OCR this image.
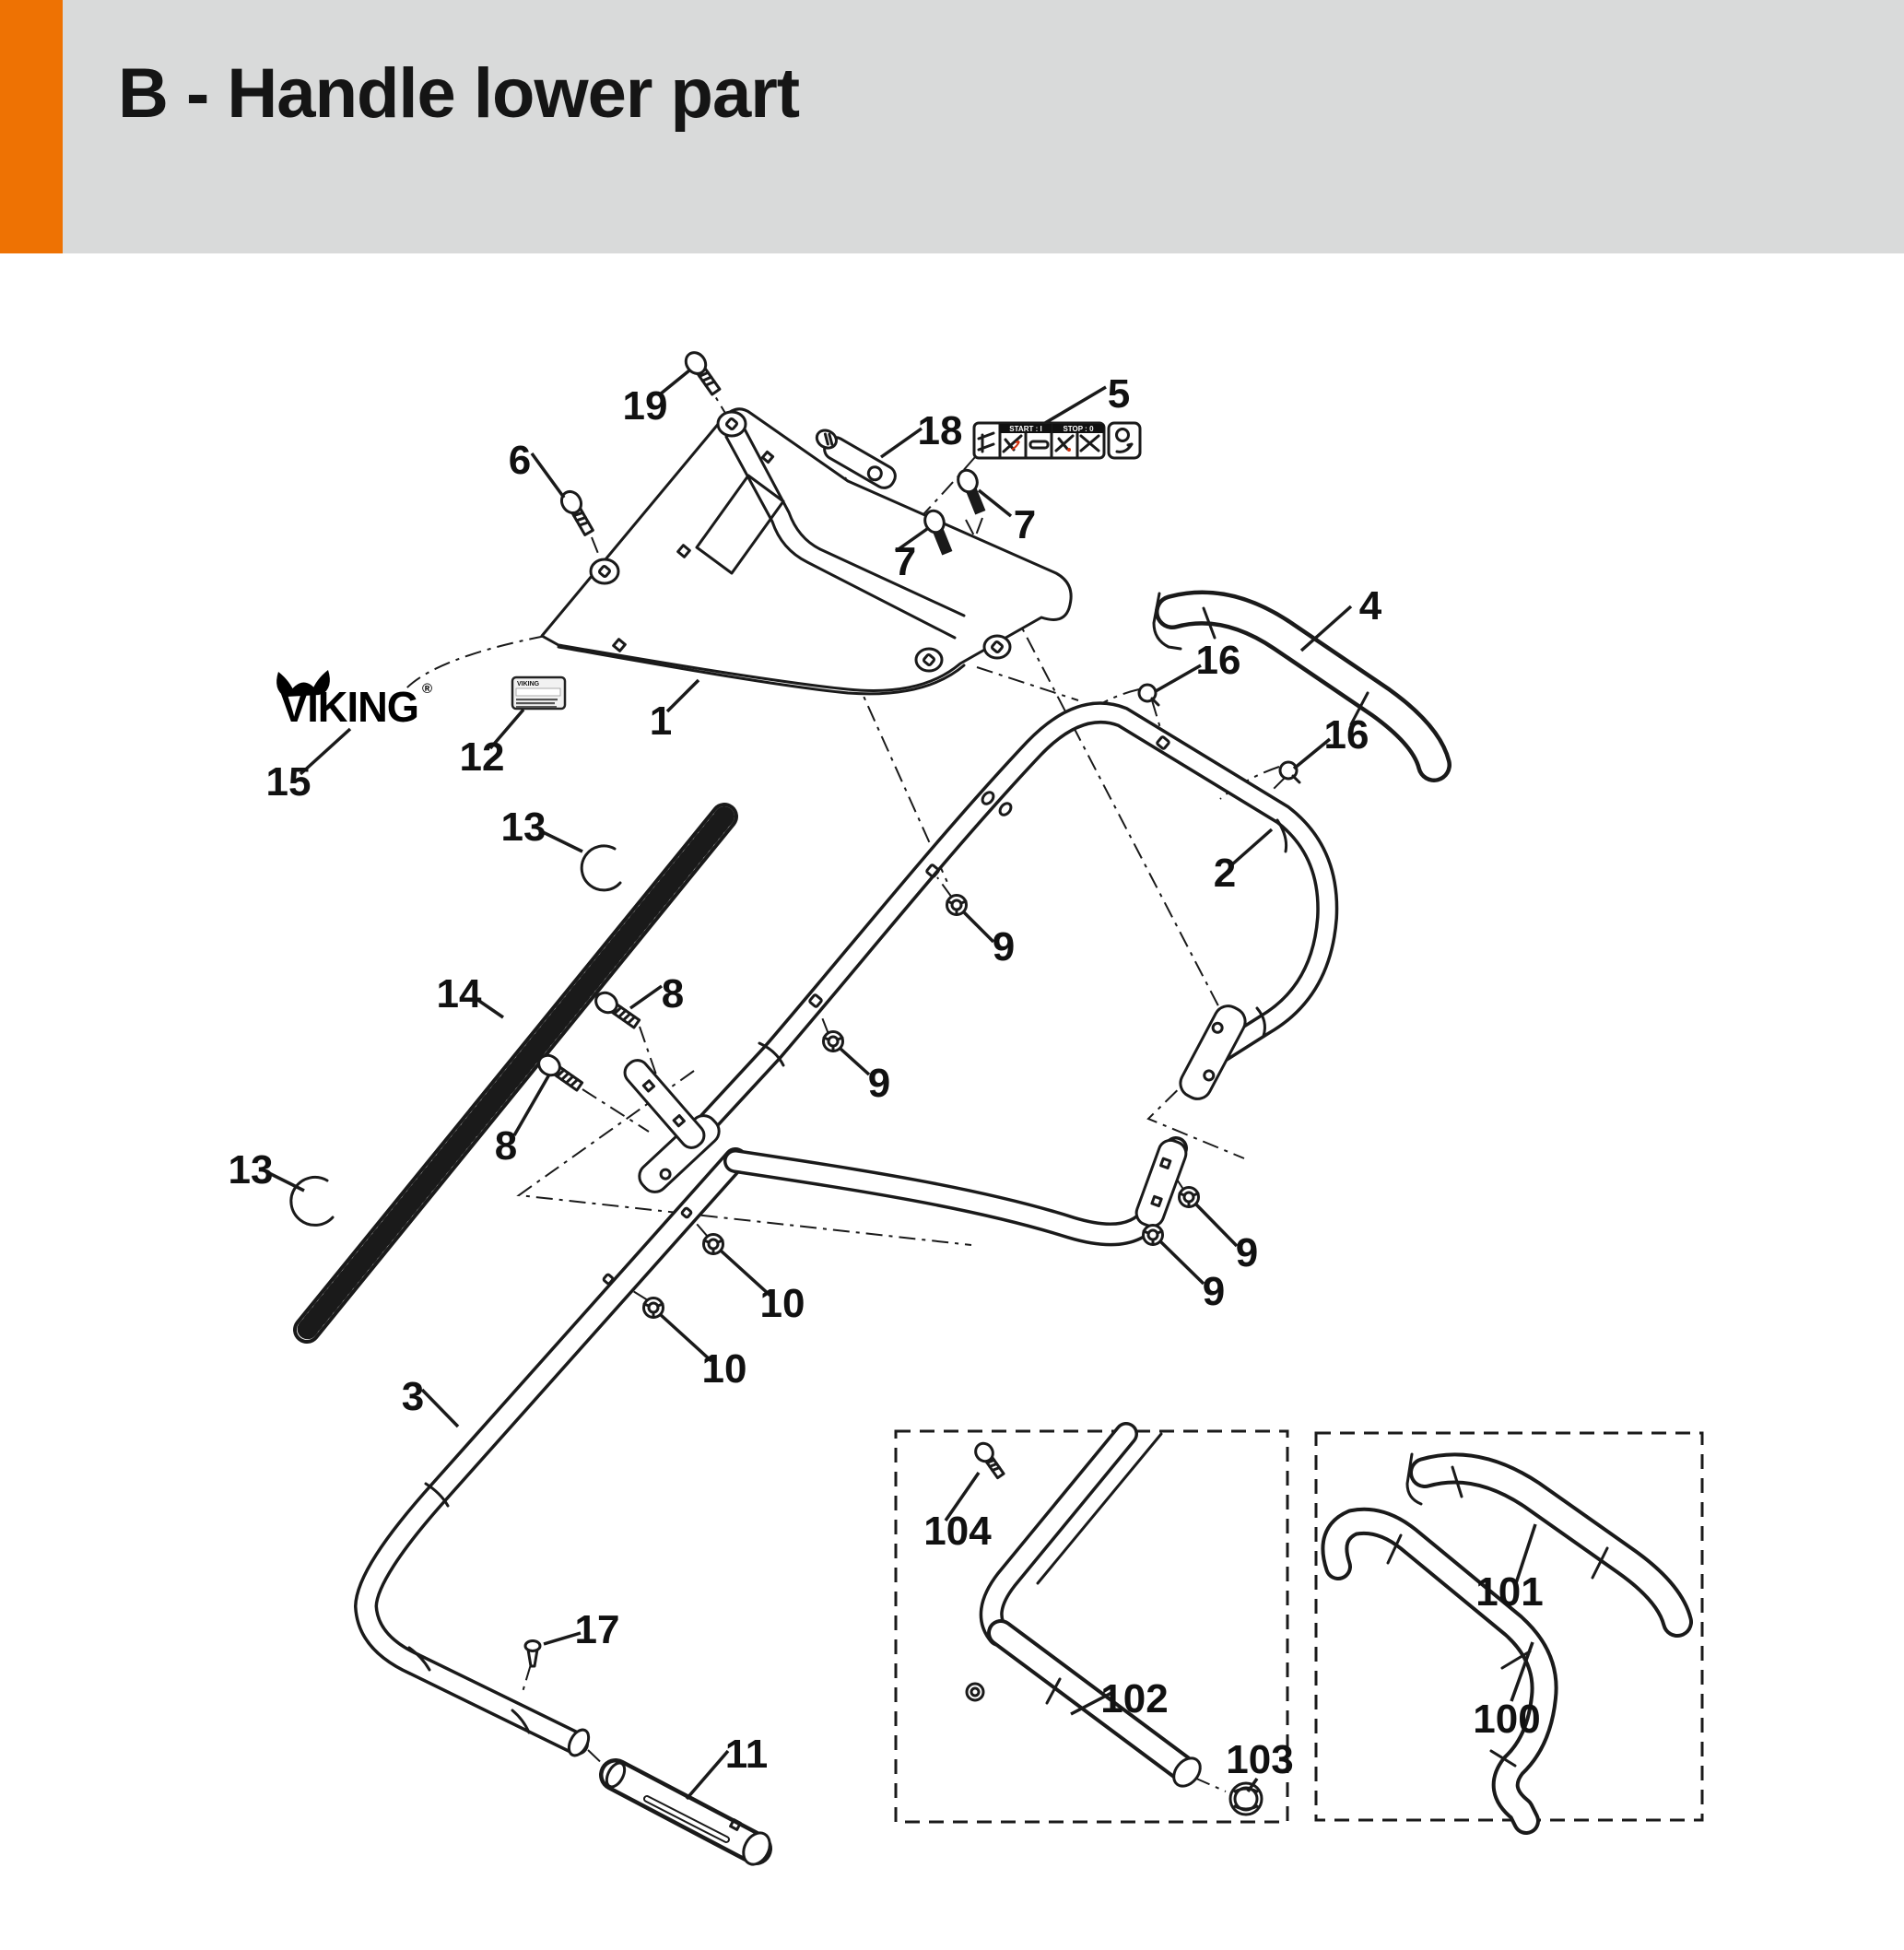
B - Handle lower part
START : I	STOP : 0
VIKING
VIKING ®
19
6
18
5
7
7
4
16
16
1
12
15
2
13
9
14	8
9
8
13
9
9
10
10
3
17
11
104
102
103
101
100
